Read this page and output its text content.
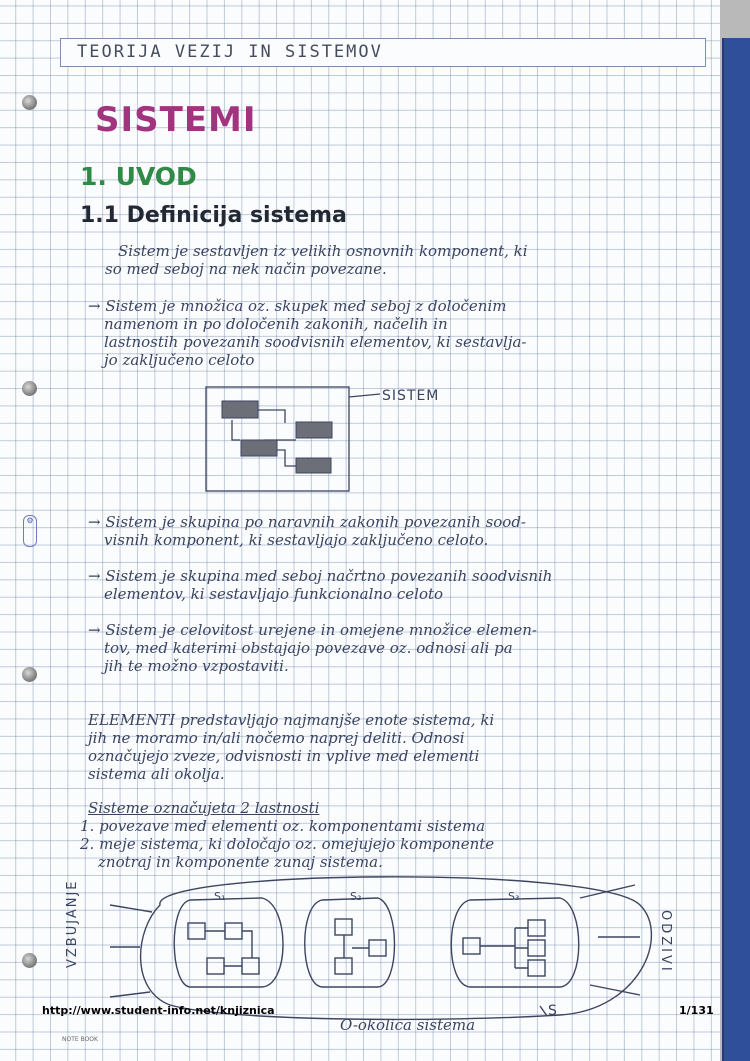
TEORIJA VEZIJ IN SISTEMOV
⚙
SISTEMI
1. UVOD
1.1 Definicija sistema
Sistem je sestavljen iz velikih osnovnih komponent, ki
so med seboj na nek način povezane.
→ Sistem je množica oz. skupek med seboj z določenim
namenom in po določenih zakonih, načelih in
lastnostih povezanih soodvisnih elementov, ki sestavlja-
jo zaključeno celoto
SISTEM
→ Sistem je skupina po naravnih zakonih povezanih sood-
visnih komponent, ki sestavljajo zaključeno celoto.
→ Sistem je skupina med seboj načrtno povezanih soodvisnih
elementov, ki sestavljajo funkcionalno celoto
→ Sistem je celovitost urejene in omejene množice elemen-
tov, med katerimi obstajajo povezave oz. odnosi ali pa
jih te možno vzpostaviti.
ELEMENTI predstavljajo najmanjše enote sistema, ki
jih ne moramo in/ali nočemo naprej deliti. Odnosi
označujejo zveze, odvisnosti in vplive med elementi
sistema ali okolja.
Sisteme označujeta 2 lastnosti
1. povezave med elementi oz. komponentami sistema
2. meje sistema, ki določajo oz. omejujejo komponente
znotraj in komponente zunaj sistema.
S₁	S₂	S₃
S
VZBUJANJE	ODZIVI
O-okolica sistema
http://www.student-info.net/knjiznica	1/131
NOTE BOOK
